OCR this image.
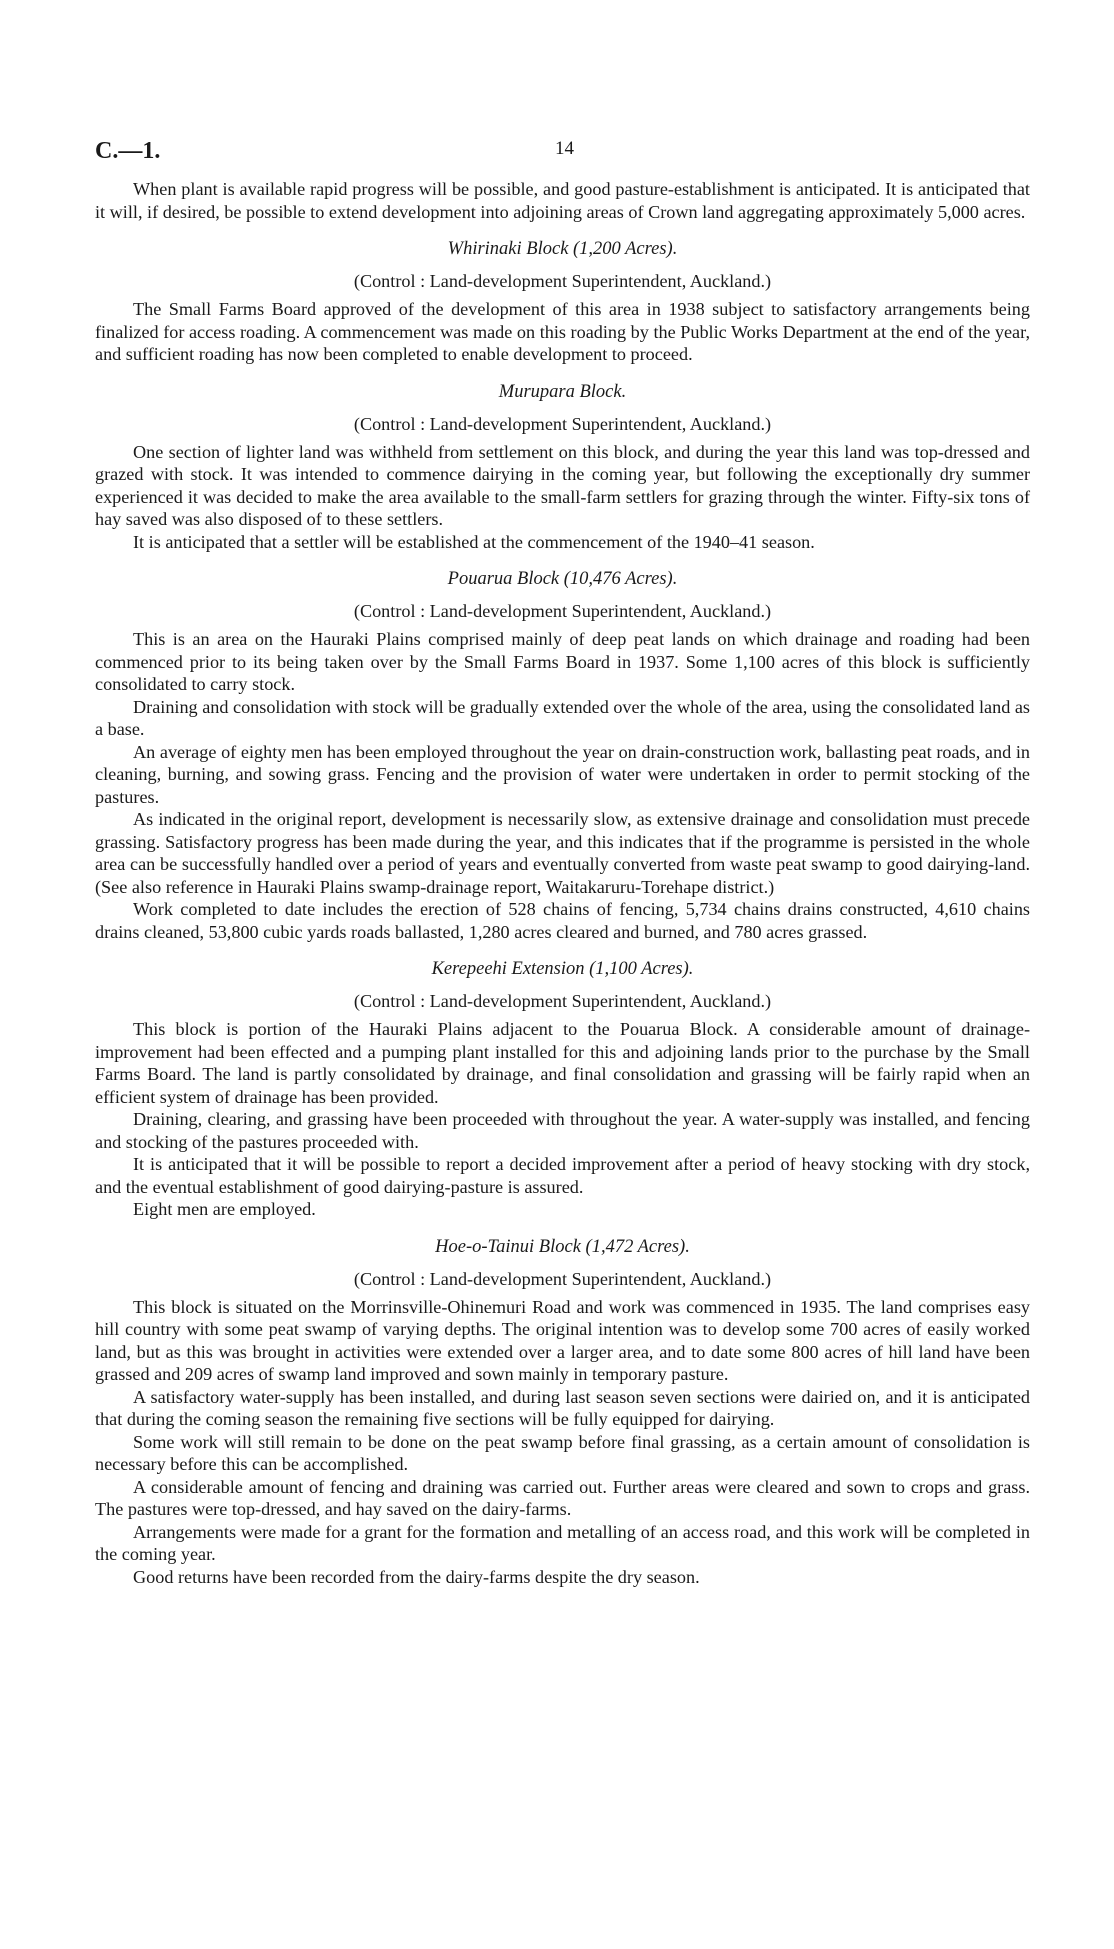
C.—1.	14

When plant is available rapid progress will be possible, and good pasture-establishment is anticipated. It is anticipated that it will, if desired, be possible to extend development into adjoining areas of Crown land aggregating approximately 5,000 acres.

Whirinaki Block (1,200 Acres).

(Control : Land-development Superintendent, Auckland.)

The Small Farms Board approved of the development of this area in 1938 subject to satisfactory arrangements being finalized for access roading. A commencement was made on this roading by the Public Works Department at the end of the year, and sufficient roading has now been completed to enable development to proceed.

Murupara Block.

(Control : Land-development Superintendent, Auckland.)

One section of lighter land was withheld from settlement on this block, and during the year this land was top-dressed and grazed with stock. It was intended to commence dairying in the coming year, but following the exceptionally dry summer experienced it was decided to make the area available to the small-farm settlers for grazing through the winter. Fifty-six tons of hay saved was also disposed of to these settlers.

It is anticipated that a settler will be established at the commencement of the 1940–41 season.

Pouarua Block (10,476 Acres).

(Control : Land-development Superintendent, Auckland.)

This is an area on the Hauraki Plains comprised mainly of deep peat lands on which drainage and roading had been commenced prior to its being taken over by the Small Farms Board in 1937. Some 1,100 acres of this block is sufficiently consolidated to carry stock.

Draining and consolidation with stock will be gradually extended over the whole of the area, using the consolidated land as a base.

An average of eighty men has been employed throughout the year on drain-construction work, ballasting peat roads, and in cleaning, burning, and sowing grass. Fencing and the provision of water were undertaken in order to permit stocking of the pastures.

As indicated in the original report, development is necessarily slow, as extensive drainage and consolidation must precede grassing. Satisfactory progress has been made during the year, and this indicates that if the programme is persisted in the whole area can be successfully handled over a period of years and eventually converted from waste peat swamp to good dairying-land. (See also reference in Hauraki Plains swamp-drainage report, Waitakaruru-Torehape district.)

Work completed to date includes the erection of 528 chains of fencing, 5,734 chains drains constructed, 4,610 chains drains cleaned, 53,800 cubic yards roads ballasted, 1,280 acres cleared and burned, and 780 acres grassed.

Kerepeehi Extension (1,100 Acres).

(Control : Land-development Superintendent, Auckland.)

This block is portion of the Hauraki Plains adjacent to the Pouarua Block. A considerable amount of drainage-improvement had been effected and a pumping plant installed for this and adjoining lands prior to the purchase by the Small Farms Board. The land is partly consolidated by drainage, and final consolidation and grassing will be fairly rapid when an efficient system of drainage has been provided.

Draining, clearing, and grassing have been proceeded with throughout the year. A water-supply was installed, and fencing and stocking of the pastures proceeded with.

It is anticipated that it will be possible to report a decided improvement after a period of heavy stocking with dry stock, and the eventual establishment of good dairying-pasture is assured.

Eight men are employed.

Hoe-o-Tainui Block (1,472 Acres).

(Control : Land-development Superintendent, Auckland.)

This block is situated on the Morrinsville-Ohinemuri Road and work was commenced in 1935. The land comprises easy hill country with some peat swamp of varying depths. The original intention was to develop some 700 acres of easily worked land, but as this was brought in activities were extended over a larger area, and to date some 800 acres of hill land have been grassed and 209 acres of swamp land improved and sown mainly in temporary pasture.

A satisfactory water-supply has been installed, and during last season seven sections were dairied on, and it is anticipated that during the coming season the remaining five sections will be fully equipped for dairying.

Some work will still remain to be done on the peat swamp before final grassing, as a certain amount of consolidation is necessary before this can be accomplished.

A considerable amount of fencing and draining was carried out. Further areas were cleared and sown to crops and grass. The pastures were top-dressed, and hay saved on the dairy-farms.

Arrangements were made for a grant for the formation and metalling of an access road, and this work will be completed in the coming year.

Good returns have been recorded from the dairy-farms despite the dry season.
